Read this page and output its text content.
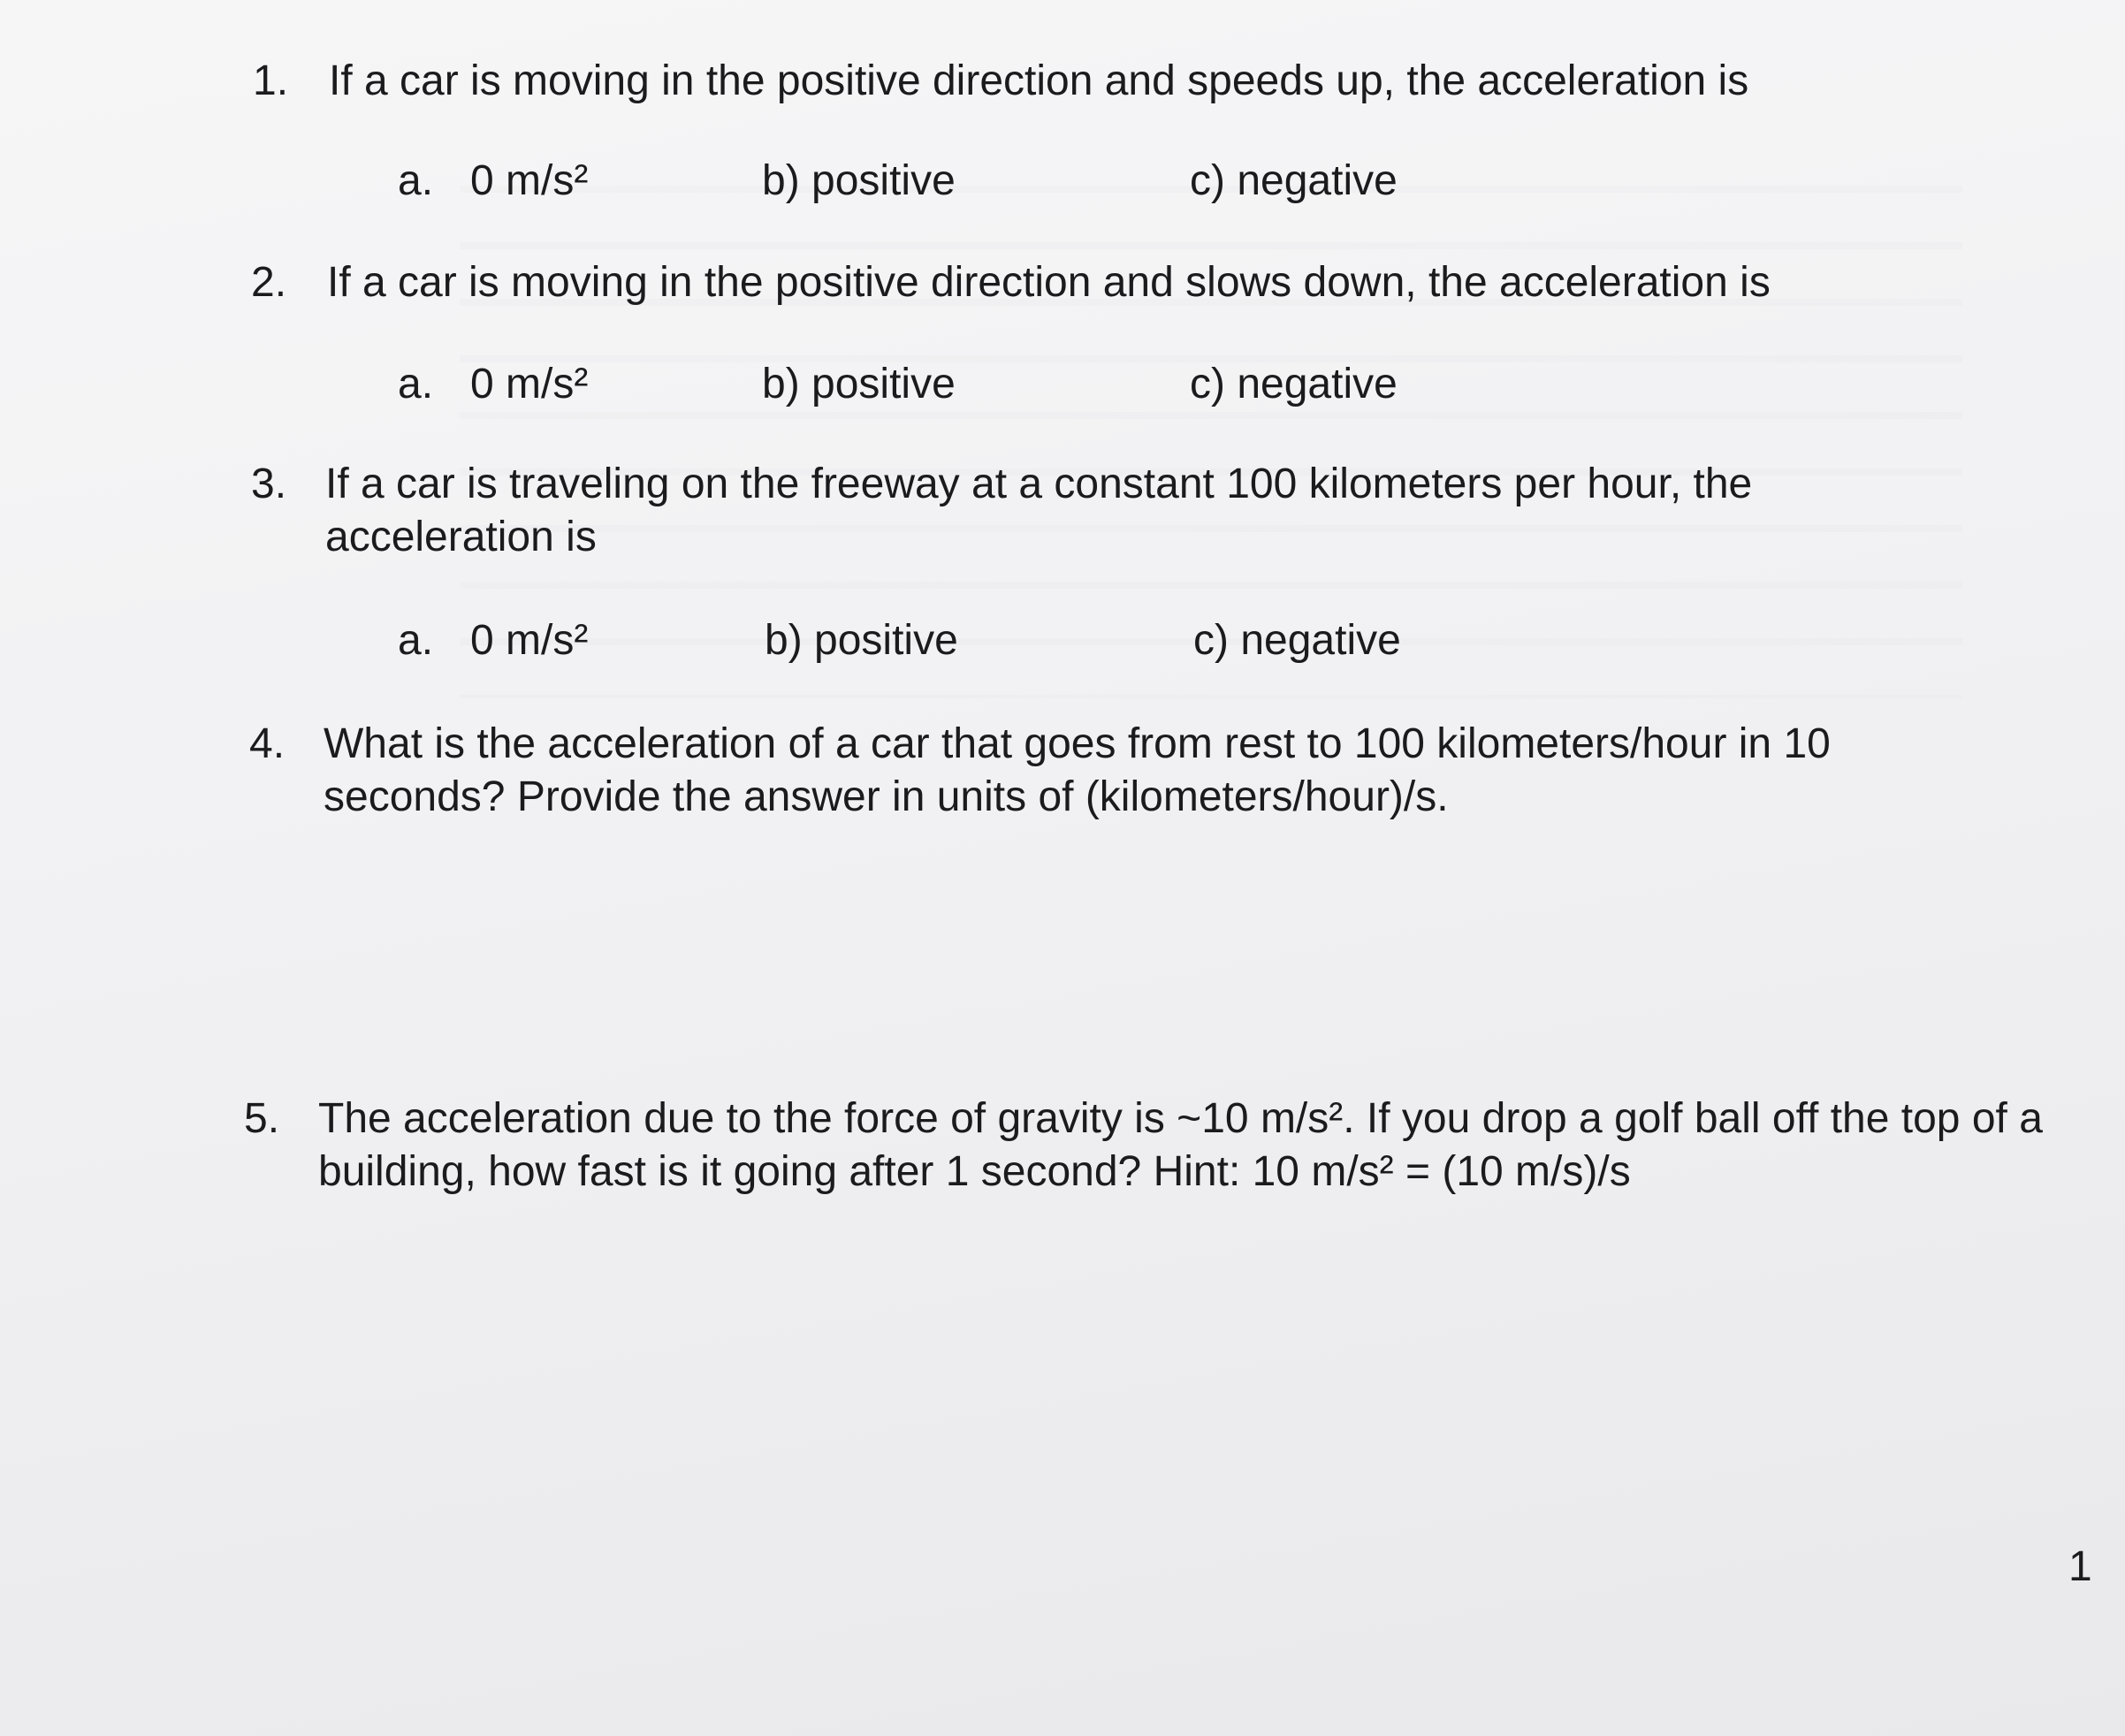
1. If a car is moving in the positive direction and speeds up, the acceleration is
a. 0 m/s²	b) positive	c) negative
2. If a car is moving in the positive direction and slows down, the acceleration is
a. 0 m/s²	b) positive	c) negative
3. If a car is traveling on the freeway at a constant 100 kilometers per hour, the acceleration is
a. 0 m/s²	b) positive	c) negative
4. What is the acceleration of a car that goes from rest to 100 kilometers/hour in 10 seconds? Provide the answer in units of (kilometers/hour)/s.
5. The acceleration due to the force of gravity is ~10 m/s². If you drop a golf ball off the top of a building, how fast is it going after 1 second? Hint: 10 m/s² = (10 m/s)/s
1
